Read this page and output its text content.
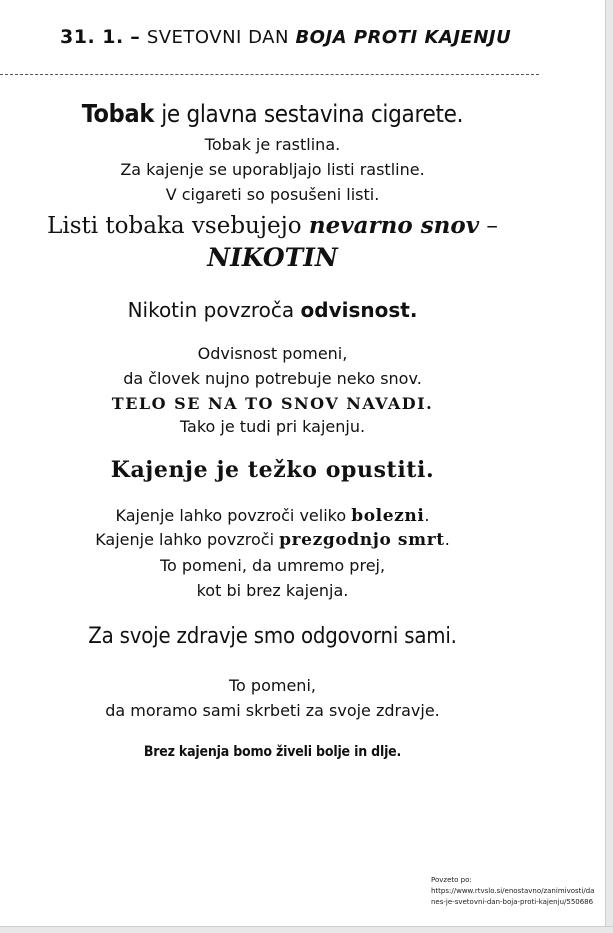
31. 1. – SVETOVNI DAN BOJA PROTI KAJENJU
Tobak je glavna sestavina cigarete.
Tobak je rastlina.
Za kajenje se uporabljajo listi rastline.
V cigareti so posušeni listi.
Listi tobaka vsebujejo nevarno snov –
NIKOTIN
Nikotin povzroča odvisnost.
Odvisnost pomeni,
da človek nujno potrebuje neko snov.
TELO SE NA TO SNOV NAVADI.
Tako je tudi pri kajenju.
Kajenje je težko opustiti.
Kajenje lahko povzroči veliko bolezni.
Kajenje lahko povzroči prezgodnjo smrt.
To pomeni, da umremo prej,
kot bi brez kajenja.
Za svoje zdravje smo odgovorni sami.
To pomeni,
da moramo sami skrbeti za svoje zdravje.
Brez kajenja bomo živeli bolje in dlje.
Povzeto po:
https://www.rtvslo.si/enostavno/zanimivosti/da
nes-je-svetovni-dan-boja-proti-kajenju/550686
